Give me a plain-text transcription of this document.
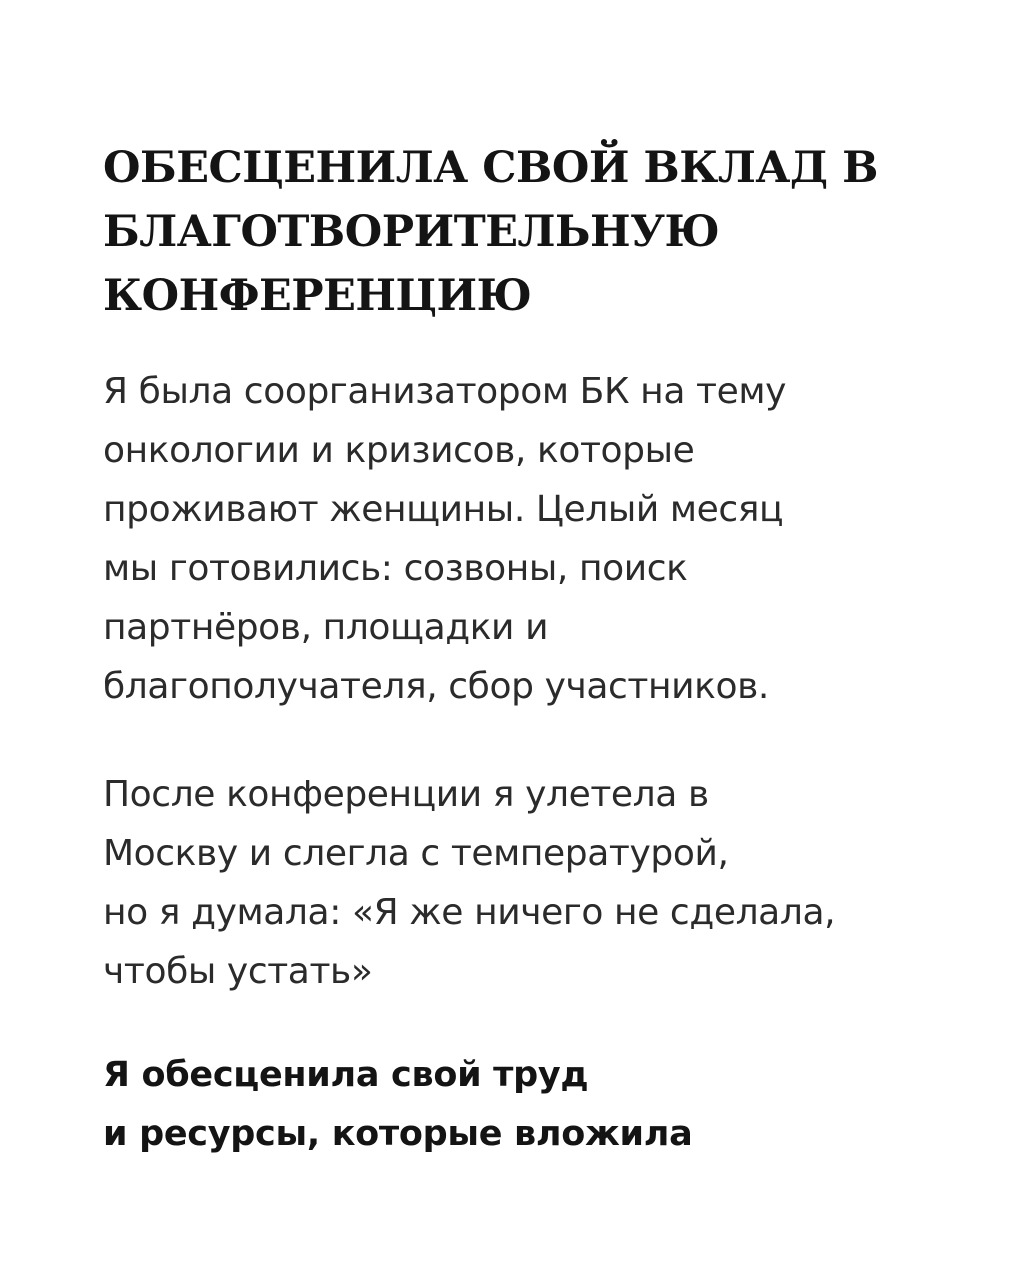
ОБЕСЦЕНИЛА СВОЙ ВКЛАД В
БЛАГОТВОРИТЕЛЬНУЮ
КОНФЕРЕНЦИЮ

Я была соорганизатором БК на тему
онкологии и кризисов, которые
проживают женщины. Целый месяц
мы готовились: созвоны, поиск
партнёров, площадки и
благополучателя, сбор участников.

После конференции я улетела в
Москву и слегла с температурой,
но я думала: «Я же ничего не сделала,
чтобы устать»

Я обесценила свой труд
и ресурсы, которые вложила
